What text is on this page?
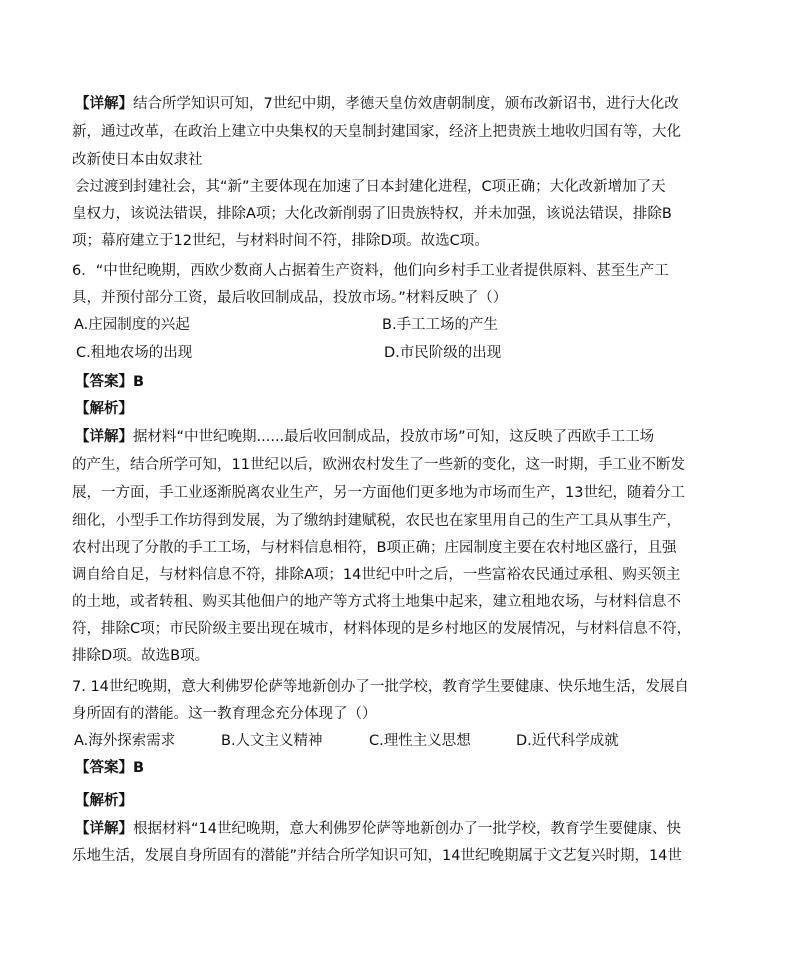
【详解】结合所学知识可知，7世纪中期，孝德天皇仿效唐朝制度，颁布改新诏书，进行大化改
新，通过改革，在政治上建立中央集权的天皇制封建国家，经济上把贵族土地收归国有等，大化
改新使日本由奴隶社
会过渡到封建社会，其“新”主要体现在加速了日本封建化进程，C项正确；大化改新增加了天
皇权力，该说法错误，排除A项；大化改新削弱了旧贵族特权，并未加强，该说法错误，排除B
项；幕府建立于12世纪，与材料时间不符，排除D项。故选C项。
6．“中世纪晚期，西欧少数商人占据着生产资料，他们向乡村手工业者提供原料、甚至生产工
具，并预付部分工资，最后收回制成品，投放市场。”材料反映了（）
A.庄园制度的兴起	B.手工工场的产生
C.租地农场的出现	D.市民阶级的出现
【答案】B
【解析】
【详解】据材料“中世纪晚期......最后收回制成品，投放市场”可知，这反映了西欧手工工场
的产生，结合所学可知，11世纪以后，欧洲农村发生了一些新的变化，这一时期，手工业不断发
展，一方面，手工业逐渐脱离农业生产，另一方面他们更多地为市场而生产，13世纪，随着分工
细化，小型手工作坊得到发展，为了缴纳封建赋税，农民也在家里用自己的生产工具从事生产，
农村出现了分散的手工工场，与材料信息相符，B项正确；庄园制度主要在农村地区盛行，且强
调自给自足，与材料信息不符，排除A项；14世纪中叶之后，一些富裕农民通过承租、购买领主
的土地，或者转租、购买其他佃户的地产等方式将土地集中起来，建立租地农场，与材料信息不
符，排除C项；市民阶级主要出现在城市，材料体现的是乡村地区的发展情况，与材料信息不符，
排除D项。故选B项。
7. 14世纪晚期，意大利佛罗伦萨等地新创办了一批学校，教育学生要健康、快乐地生活，发展自
身所固有的潜能。这一教育理念充分体现了（）
A.海外探索需求	B.人文主义精神	C.理性主义思想	D.近代科学成就
【答案】B
【解析】
【详解】根据材料“14世纪晚期，意大利佛罗伦萨等地新创办了一批学校，教育学生要健康、快
乐地生活，发展自身所固有的潜能”并结合所学知识可知，14世纪晚期属于文艺复兴时期，14世
